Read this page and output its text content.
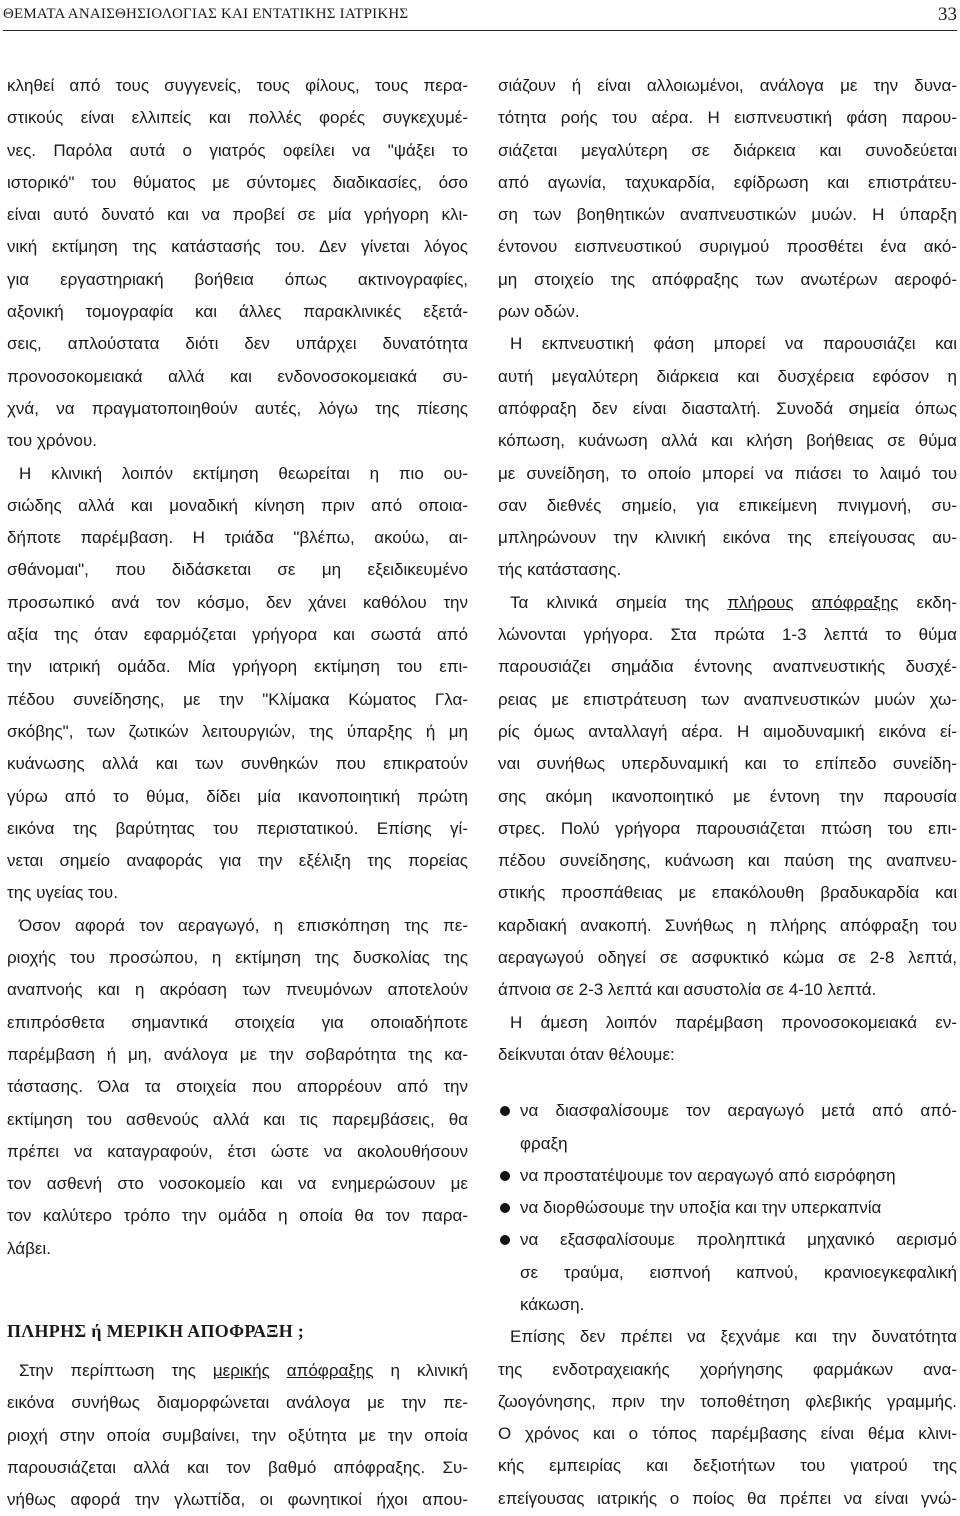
ΘΕΜΑΤΑ ΑΝΑΙΣΘΗΣΙΟΛΟΓΙΑΣ ΚΑΙ ΕΝΤΑΤΙΚΗΣ ΙΑΤΡΙΚΗΣ	33
κληθεί από τους συγγενείς, τους φίλους, τους περα-
στικούς είναι ελλιπείς και πολλές φορές συγκεχυμέ-
νες. Παρόλα αυτά ο γιατρός οφείλει να "ψάξει το
ιστορικό" του θύματος με σύντομες διαδικασίες, όσο
είναι αυτό δυνατό και να προβεί σε μία γρήγορη κλι-
νική εκτίμηση της κατάστασής του. Δεν γίνεται λόγος
για εργαστηριακή βοήθεια όπως ακτινογραφίες,
αξονική τομογραφία και άλλες παρακλινικές εξετά-
σεις, απλούστατα διότι δεν υπάρχει δυνατότητα
προνοσοκομειακά αλλά και ενδονοσοκομειακά συ-
χνά, να πραγματοποιηθούν αυτές, λόγω της πίεσης
του χρόνου.
Η κλινική λοιπόν εκτίμηση θεωρείται η πιο ου-
σιώδης αλλά και μοναδική κίνηση πριν από οποια-
δήποτε παρέμβαση. Η τριάδα "βλέπω, ακούω, αι-
σθάνομαι", που διδάσκεται σε μη εξειδικευμένο
προσωπικό ανά τον κόσμο, δεν χάνει καθόλου την
αξία της όταν εφαρμόζεται γρήγορα και σωστά από
την ιατρική ομάδα. Μία γρήγορη εκτίμηση του επι-
πέδου συνείδησης, με την "Κλίμακα Κώματος Γλα-
σκόβης", των ζωτικών λειτουργιών, της ύπαρξης ή μη
κυάνωσης αλλά και των συνθηκών που επικρατούν
γύρω από το θύμα, δίδει μία ικανοποιητική πρώτη
εικόνα της βαρύτητας του περιστατικού. Επίσης γί-
νεται σημείο αναφοράς για την εξέλιξη της πορείας
της υγείας του.
Όσον αφορά τον αεραγωγό, η επισκόπηση της πε-
ριοχής του προσώπου, η εκτίμηση της δυσκολίας της
αναπνοής και η ακρόαση των πνευμόνων αποτελούν
επιπρόσθετα σημαντικά στοιχεία για οποιαδήποτε
παρέμβαση ή μη, ανάλογα με την σοβαρότητα της κα-
τάστασης. Όλα τα στοιχεία που απορρέουν από την
εκτίμηση του ασθενούς αλλά και τις παρεμβάσεις, θα
πρέπει να καταγραφούν, έτσι ώστε να ακολουθήσουν
τον ασθενή στο νοσοκομείο και να ενημερώσουν με
τον καλύτερο τρόπο την ομάδα η οποία θα τον παρα-
λάβει.
ΠΛΗΡΗΣ ή ΜΕΡΙΚΗ ΑΠΟΦΡΑΞΗ ;
Στην περίπτωση της μερικής απόφραξης η κλινική
εικόνα συνήθως διαμορφώνεται ανάλογα με την πε-
ριοχή στην οποία συμβαίνει, την οξύτητα με την οποία
παρουσιάζεται αλλά και τον βαθμό απόφραξης. Συ-
νήθως αφορά την γλωττίδα, οι φωνητικοί ήχοι απου-
σιάζουν ή είναι αλλοιωμένοι, ανάλογα με την δυνα-
τότητα ροής του αέρα. Η εισπνευστική φάση παρου-
σιάζεται μεγαλύτερη σε διάρκεια και συνοδεύεται
από αγωνία, ταχυκαρδία, εφίδρωση και επιστράτευ-
ση των βοηθητικών αναπνευστικών μυών. Η ύπαρξη
έντονου εισπνευστικού συριγμού προσθέτει ένα ακό-
μη στοιχείο της απόφραξης των ανωτέρων αεροφό-
ρων οδών.
Η εκπνευστική φάση μπορεί να παρουσιάζει και
αυτή μεγαλύτερη διάρκεια και δυσχέρεια εφόσον η
απόφραξη δεν είναι διασταλτή. Συνοδά σημεία όπως
κόπωση, κυάνωση αλλά και κλήση βοήθειας σε θύμα
με συνείδηση, το οποίο μπορεί να πιάσει το λαιμό του
σαν διεθνές σημείο, για επικείμενη πνιγμονή, συ-
μπληρώνουν την κλινική εικόνα της επείγουσας αυ-
τής κατάστασης.
Τα κλινικά σημεία της πλήρους απόφραξης εκδη-
λώνονται γρήγορα. Στα πρώτα 1-3 λεπτά το θύμα
παρουσιάζει σημάδια έντονης αναπνευστικής δυσχέ-
ρειας με επιστράτευση των αναπνευστικών μυών χω-
ρίς όμως ανταλλαγή αέρα. Η αιμοδυναμική εικόνα εί-
ναι συνήθως υπερδυναμική και το επίπεδο συνείδη-
σης ακόμη ικανοποιητικό με έντονη την παρουσία
στρες. Πολύ γρήγορα παρουσιάζεται πτώση του επι-
πέδου συνείδησης, κυάνωση και παύση της αναπνευ-
στικής προσπάθειας με επακόλουθη βραδυκαρδία και
καρδιακή ανακοπή. Συνήθως η πλήρης απόφραξη του
αεραγωγού οδηγεί σε ασφυκτικό κώμα σε 2-8 λεπτά,
άπνοια σε 2-3 λεπτά και ασυστολία σε 4-10 λεπτά.
Η άμεση λοιπόν παρέμβαση προνοσοκομειακά εν-
δείκνυται όταν θέλουμε:
να διασφαλίσουμε τον αεραγωγό μετά από από-
φραξη
να προστατέψουμε τον αεραγωγό από εισρόφηση
να διορθώσουμε την υποξία και την υπερκαπνία
να εξασφαλίσουμε προληπτικά μηχανικό αερισμό
σε τραύμα, εισπνοή καπνού, κρανιοεγκεφαλική
κάκωση.
Επίσης δεν πρέπει να ξεχνάμε και την δυνατότητα
της ενδοτραχειακής χορήγησης φαρμάκων ανα-
ζωογόνησης, πριν την τοποθέτηση φλεβικής γραμμής.
Ο χρόνος και ο τόπος παρέμβασης είναι θέμα κλινι-
κής εμπειρίας και δεξιοτήτων του γιατρού της
επείγουσας ιατρικής ο ποίος θα πρέπει να είναι γνώ-
